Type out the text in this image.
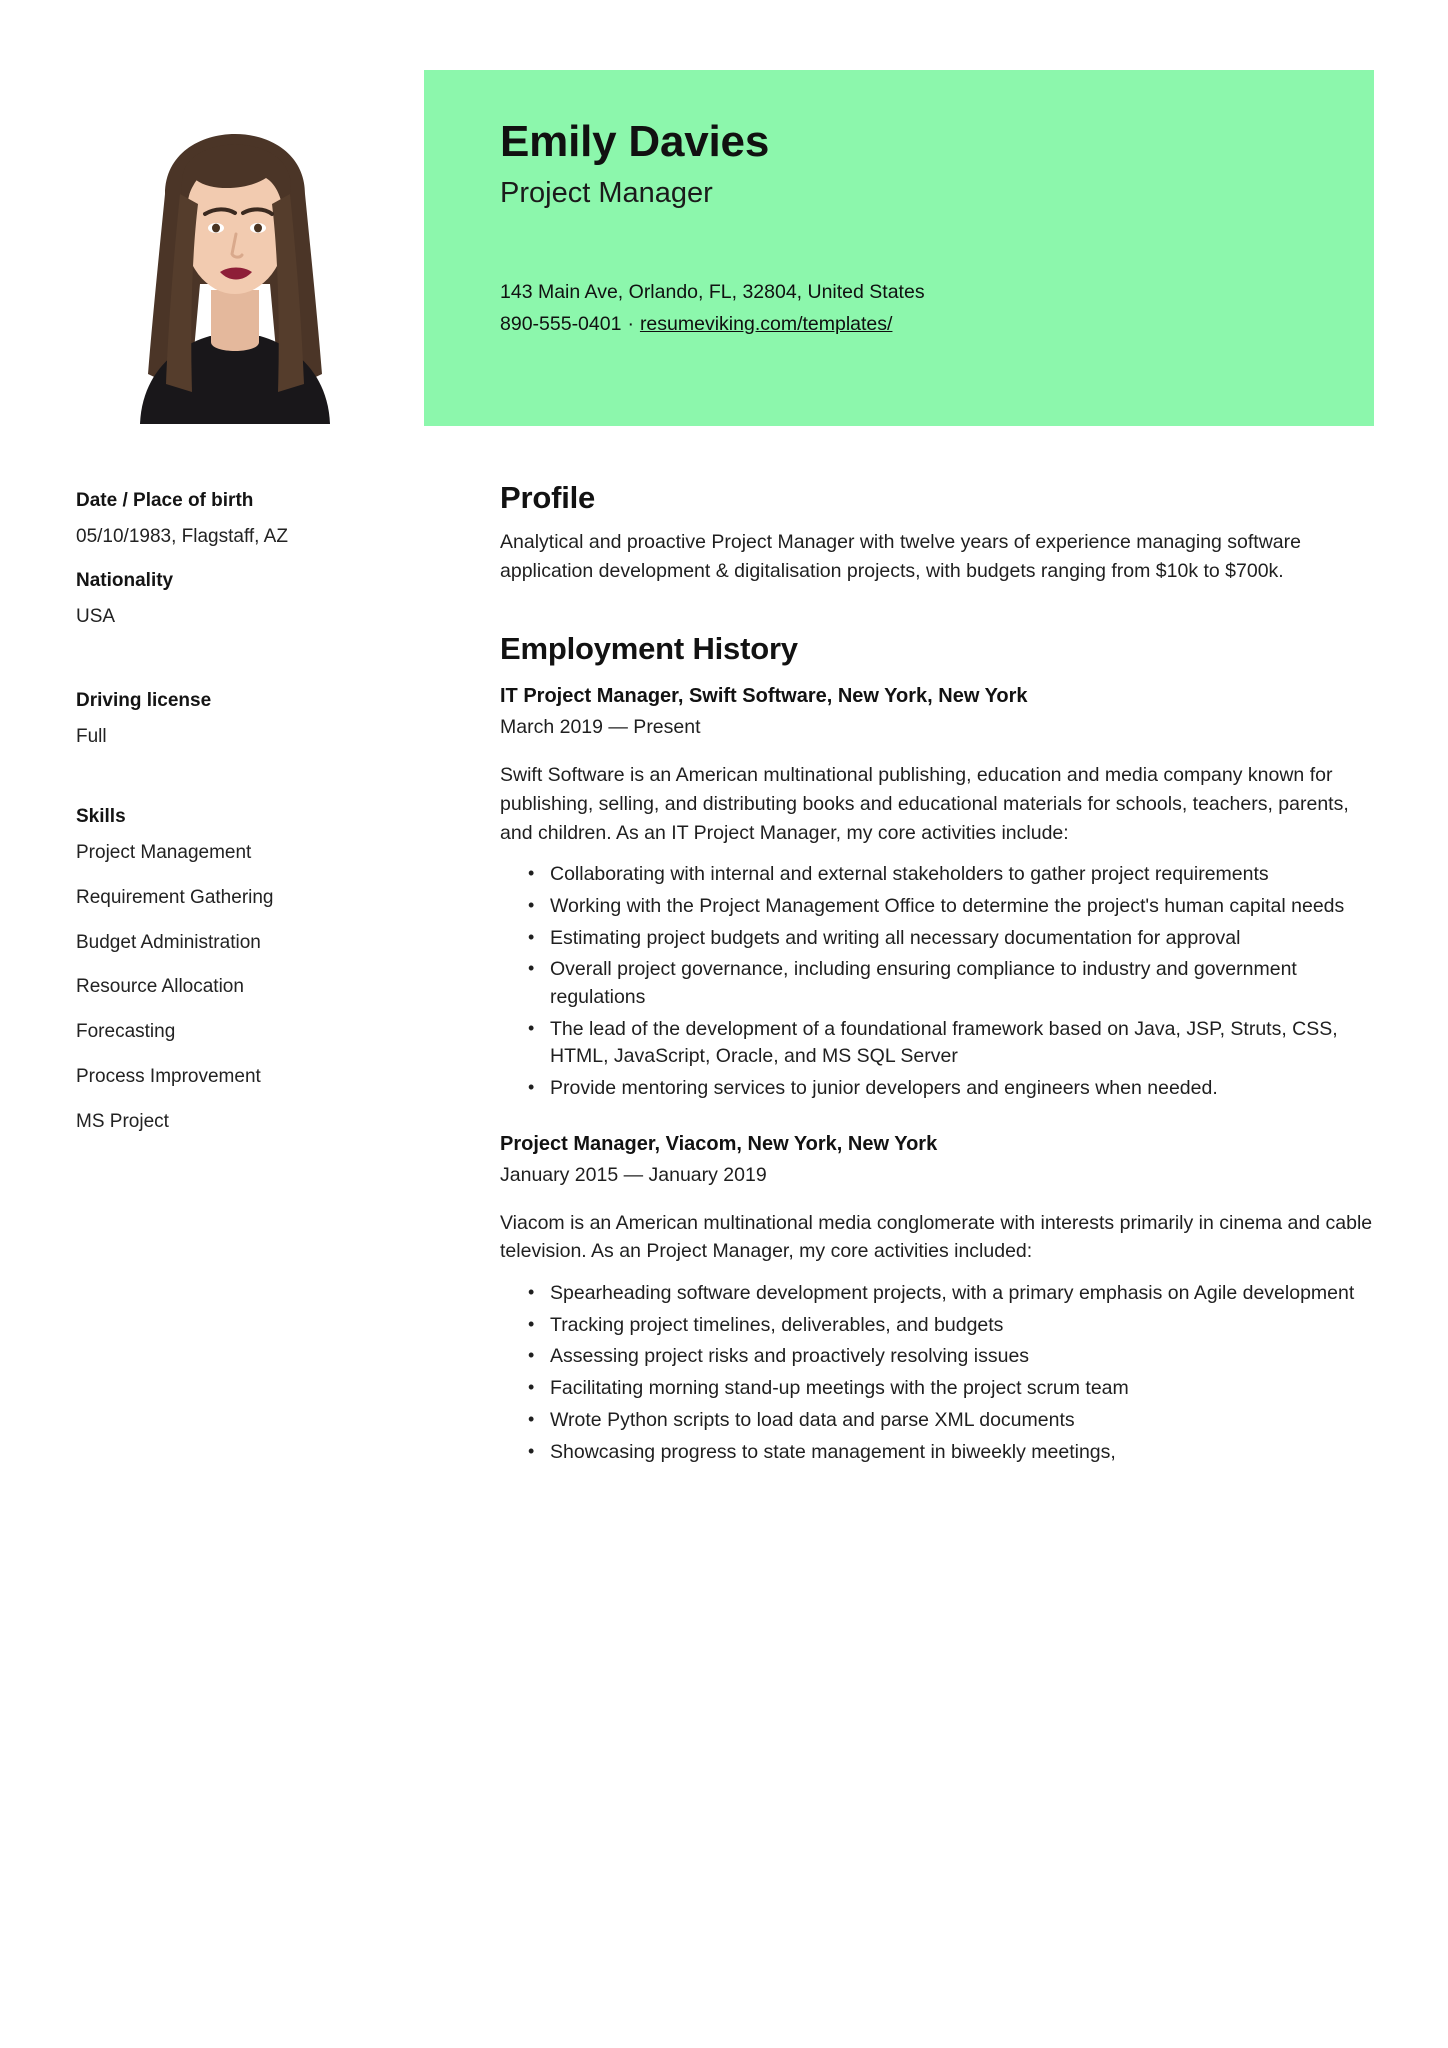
Emily Davies
Project Manager
143 Main Ave, Orlando, FL, 32804, United States
890-555-0401 · resumeviking.com/templates/
Date / Place of birth
05/10/1983, Flagstaff, AZ
Nationality
USA
Driving license
Full
Skills
Project Management
Requirement Gathering
Budget Administration
Resource Allocation
Forecasting
Process Improvement
MS Project
Profile

Analytical and proactive Project Manager with twelve years of experience managing software application development & digitalisation projects, with budgets ranging from $10k to $700k.

Employment History
IT Project Manager, Swift Software, New York, New York
March 2019 — Present

Swift Software is an American multinational publishing, education and media company known for publishing, selling, and distributing books and educational materials for schools, teachers, parents, and children. As an IT Project Manager, my core activities include:

• Collaborating with internal and external stakeholders to gather project requirements
• Working with the Project Management Office to determine the project's human capital needs
• Estimating project budgets and writing all necessary documentation for approval
• Overall project governance, including ensuring compliance to industry and government regulations
• The lead of the development of a foundational framework based on Java, JSP, Struts, CSS, HTML, JavaScript, Oracle, and MS SQL Server
• Provide mentoring services to junior developers and engineers when needed.
Project Manager, Viacom, New York, New York
January 2015 — January 2019

Viacom is an American multinational media conglomerate with interests primarily in cinema and cable television. As an Project Manager, my core activities included:

• Spearheading software development projects, with a primary emphasis on Agile development
• Tracking project timelines, deliverables, and budgets
• Assessing project risks and proactively resolving issues
• Facilitating morning stand-up meetings with the project scrum team
• Wrote Python scripts to load data and parse XML documents
• Showcasing progress to state management in biweekly meetings,
